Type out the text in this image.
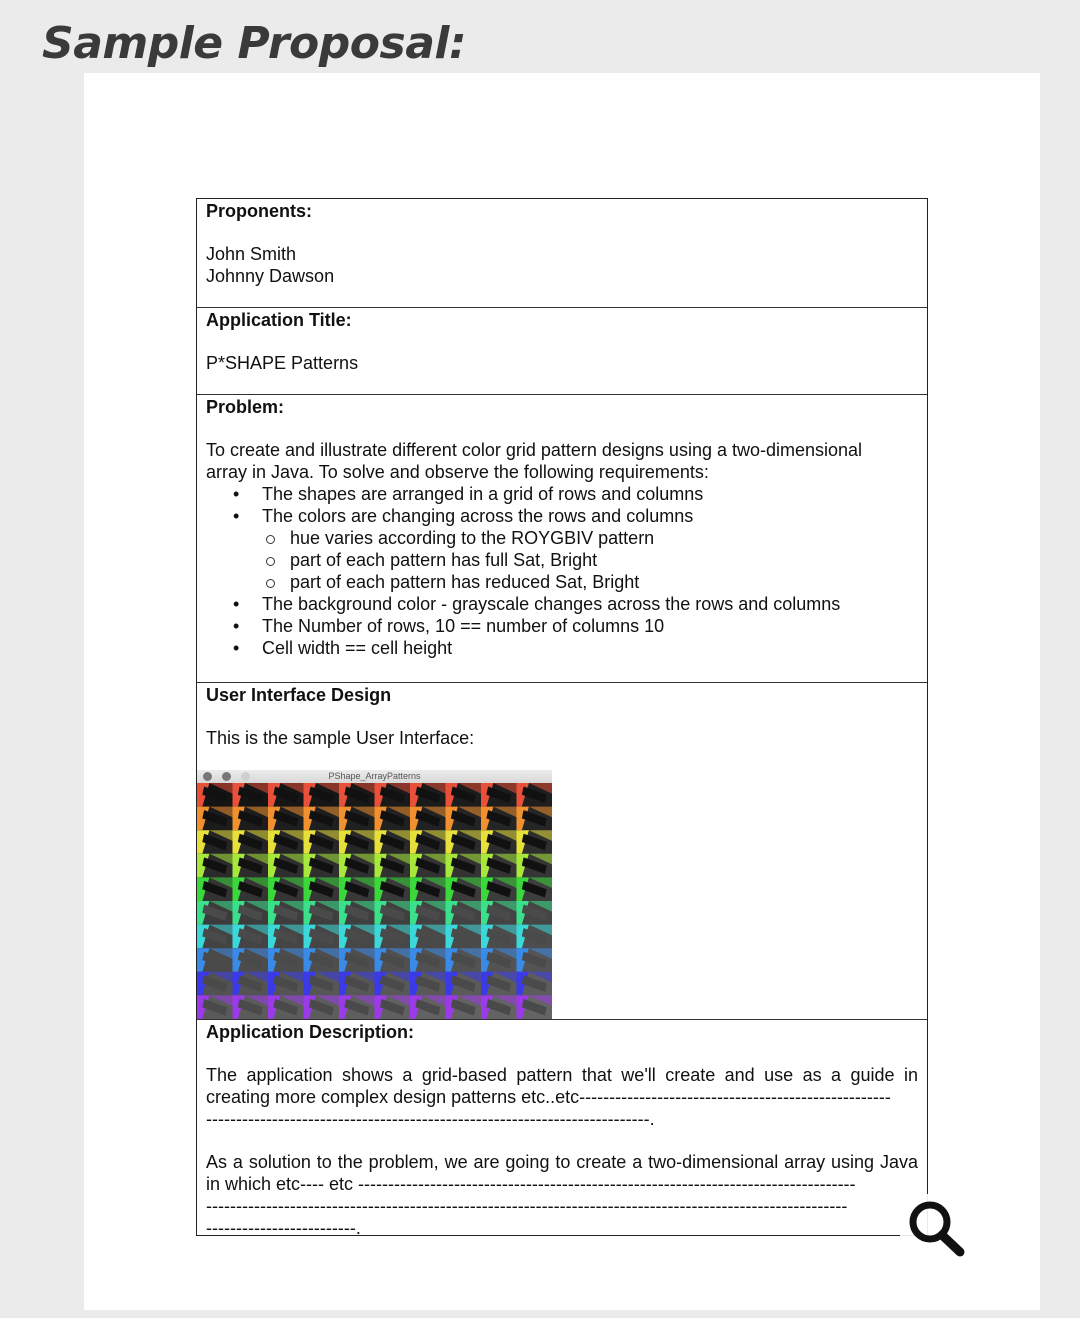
Sample Proposal:
Proponents:
John Smith
Johnny Dawson
Application Title:
P*SHAPE Patterns
Problem:
To create and illustrate different color grid pattern designs using a two-dimensional
array in Java. To solve and observe the following requirements:
• The shapes are arranged in a grid of rows and columns
• The colors are changing across the rows and columns
hue varies according to the ROYGBIV pattern
part of each pattern has full Sat, Bright
part of each pattern has reduced Sat, Bright
• The background color - grayscale changes across the rows and columns
• The Number of rows, 10 == number of columns 10
• Cell width == cell height
User Interface Design
This is the sample User Interface:
PShape_ArrayPatterns
Application Description:
The application shows a grid-based pattern that we'll create and use as a guide in
creating more complex design patterns etc..etc----------------------------------------------------
--------------------------------------------------------------------------.
As a solution to the problem, we are going to create a two-dimensional array using Java
in which etc---- etc -----------------------------------------------------------------------------------
-----------------------------------------------------------------------------------------------------------
-------------------------.
